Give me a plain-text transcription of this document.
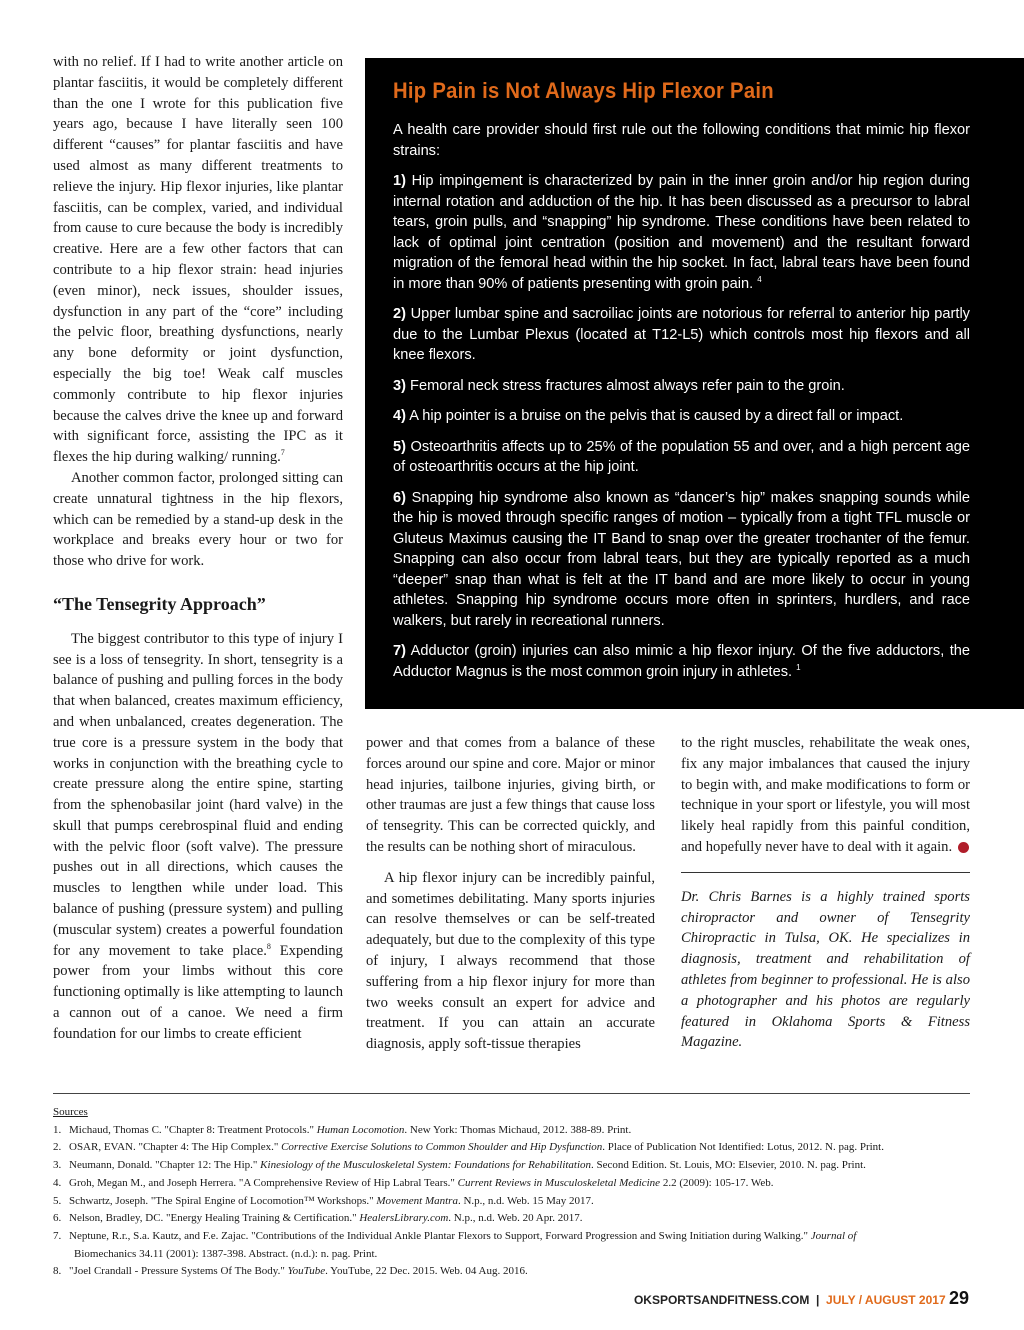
with no relief. If I had to write another article on plantar fasciitis, it would be completely different than the one I wrote for this publication five years ago, because I have literally seen 100 different “causes” for plantar fasciitis and have used almost as many different treatments to relieve the injury. Hip flexor injuries, like plantar fasciitis, can be complex, varied, and individual from cause to cure because the body is incredibly creative. Here are a few other factors that can contribute to a hip flexor strain: head injuries (even minor), neck issues, shoulder issues, dysfunction in any part of the “core” including the pelvic floor, breathing dysfunctions, nearly any bone deformity or joint dysfunction, especially the big toe! Weak calf muscles commonly contribute to hip flexor injuries because the calves drive the knee up and forward with significant force, assisting the IPC as it flexes the hip during walking/ running.$^7$

Another common factor, prolonged sitting can create unnatural tightness in the hip flexors, which can be remedied by a stand-up desk in the workplace and breaks every hour or two for those who drive for work.

“The Tensegrity Approach”

The biggest contributor to this type of injury I see is a loss of tensegrity. In short, tensegrity is a balance of pushing and pulling forces in the body that when balanced, creates maximum efficiency, and when unbalanced, creates degeneration. The true core is a pressure system in the body that works in conjunction with the breathing cycle to create pressure along the entire spine, starting from the sphenobasilar joint (hard valve) in the skull that pumps cerebrospinal fluid and ending with the pelvic floor (soft valve). The pressure pushes out in all directions, which causes the muscles to lengthen while under load. This balance of pushing (pressure system) and pulling (muscular system) creates a powerful foundation for any movement to take place.$^8$ Expending power from your limbs without this core functioning optimally is like attempting to launch a cannon out of a canoe. We need a firm foundation for our limbs to create efficient

Hip Pain is Not Always Hip Flexor Pain

A health care provider should first rule out the following conditions that mimic hip flexor strains:

1) Hip impingement is characterized by pain in the inner groin and/or hip region during internal rotation and adduction of the hip. It has been discussed as a precursor to labral tears, groin pulls, and “snapping” hip syndrome. These conditions have been related to lack of optimal joint centration (position and movement) and the resultant forward migration of the femoral head within the hip socket. In fact, labral tears have been found in more than 90% of patients presenting with groin pain. $^4$

2) Upper lumbar spine and sacroiliac joints are notorious for referral to anterior hip partly due to the Lumbar Plexus (located at T12-L5) which controls most hip flexors and all knee flexors.

3) Femoral neck stress fractures almost always refer pain to the groin.

4) A hip pointer is a bruise on the pelvis that is caused by a direct fall or impact.

5) Osteoarthritis affects up to 25% of the population 55 and over, and a high percent age of osteoarthritis occurs at the hip joint.

6) Snapping hip syndrome also known as “dancer’s hip” makes snapping sounds while the hip is moved through specific ranges of motion – typically from a tight TFL muscle or Gluteus Maximus causing the IT Band to snap over the greater trochanter of the femur. Snapping can also occur from labral tears, but they are typically reported as a much “deeper” snap than what is felt at the IT band and are more likely to occur in young athletes. Snapping hip syndrome occurs more often in sprinters, hurdlers, and race walkers, but rarely in recreational runners.

7) Adductor (groin) injuries can also mimic a hip flexor injury. Of the five adductors, the Adductor Magnus is the most common groin injury in athletes. $^1$

power and that comes from a balance of these forces around our spine and core. Major or minor head injuries, tailbone injuries, giving birth, or other traumas are just a few things that cause loss of tensegrity. This can be corrected quickly, and the results can be nothing short of miraculous.

A hip flexor injury can be incredibly painful, and sometimes debilitating. Many sports injuries can resolve themselves or can be self-treated adequately, but due to the complexity of this type of injury, I always recommend that those suffering from a hip flexor injury for more than two weeks consult an expert for advice and treatment. If you can attain an accurate diagnosis, apply soft-tissue therapies

to the right muscles, rehabilitate the weak ones, fix any major imbalances that caused the injury to begin with, and make modifications to form or technique in your sport or lifestyle, you will most likely heal rapidly from this painful condition, and hopefully never have to deal with it again.

Dr. Chris Barnes is a highly trained sports chiropractor and owner of Tensegrity Chiropractic in Tulsa, OK. He specializes in diagnosis, treatment and rehabilitation of athletes from beginner to professional. He is also a photographer and his photos are regularly featured in Oklahoma Sports & Fitness Magazine.

Sources
1. Michaud, Thomas C. "Chapter 8: Treatment Protocols." Human Locomotion. New York: Thomas Michaud, 2012. 388-89. Print.
2. OSAR, EVAN. "Chapter 4: The Hip Complex." Corrective Exercise Solutions to Common Shoulder and Hip Dysfunction. Place of Publication Not Identified: Lotus, 2012. N. pag. Print.
3. Neumann, Donald. "Chapter 12: The Hip." Kinesiology of the Musculoskeletal System: Foundations for Rehabilitation. Second Edition. St. Louis, MO: Elsevier, 2010. N. pag. Print.
4. Groh, Megan M., and Joseph Herrera. "A Comprehensive Review of Hip Labral Tears." Current Reviews in Musculoskeletal Medicine 2.2 (2009): 105-17. Web.
5. Schwartz, Joseph. "The Spiral Engine of Locomotion™ Workshops." Movement Mantra. N.p., n.d. Web. 15 May 2017.
6. Nelson, Bradley, DC. "Energy Healing Training & Certification." HealersLibrary.com. N.p., n.d. Web. 20 Apr. 2017.
7. Neptune, R.r., S.a. Kautz, and F.e. Zajac. "Contributions of the Individual Ankle Plantar Flexors to Support, Forward Progression and Swing Initiation during Walking." Journal of
Biomechanics 34.11 (2001): 1387-398. Abstract. (n.d.): n. pag. Print.
8. "Joel Crandall - Pressure Systems Of The Body." YouTube. YouTube, 22 Dec. 2015. Web. 04 Aug. 2016.
OKSPORTSANDFITNESS.COM | JULY / AUGUST 2017 29
